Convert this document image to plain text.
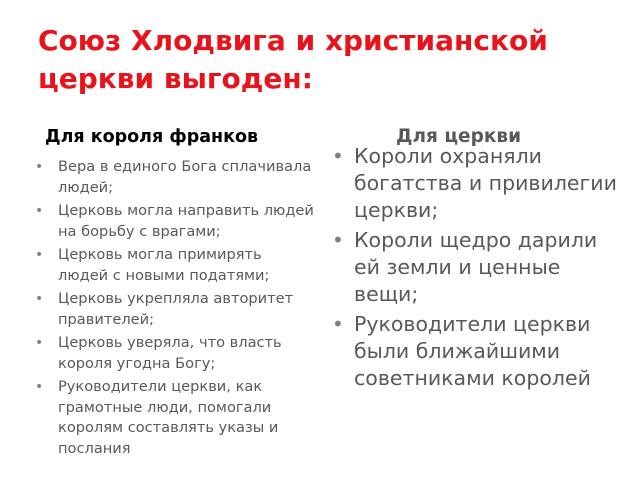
Союз Хлодвига и христианской
церкви выгоден:
Для короля франков	Для церкви
• Вера в единого Бога сплачивала людей;
• Церковь могла направить людей на борьбу с врагами;
• Церковь могла примирять людей с новыми податями;
• Церковь укрепляла авторитет правителей;
• Церковь уверяла, что власть короля угодна Богу;
• Руководители церкви, как грамотные люди, помогали королям составлять указы и послания
• Короли охраняли богатства и привилегии церкви;
• Короли щедро дарили ей земли и ценные вещи;
• Руководители церкви были ближайшими советниками королей
